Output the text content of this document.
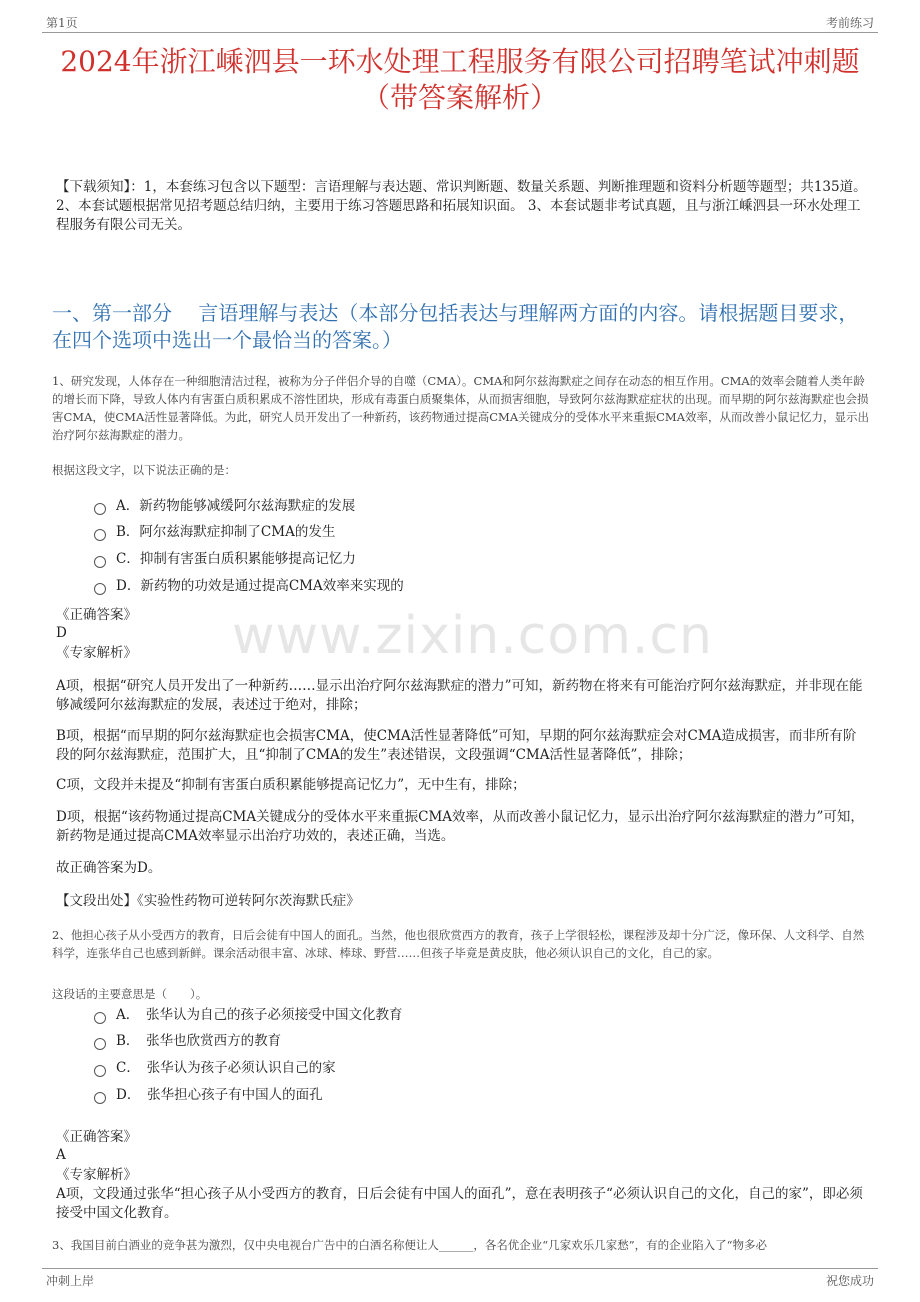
第1页	考前练习
2024年浙江嵊泗县一环水处理工程服务有限公司招聘笔试冲刺题（带答案解析）
【下载须知】：1，本套练习包含以下题型：言语理解与表达题、常识判断题、数量关系题、判断推理题和资料分析题等题型；共135道。 2、本套试题根据常见招考题总结归纳，主要用于练习答题思路和拓展知识面。 3、本套试题非考试真题，且与浙江嵊泗县一环水处理工程服务有限公司无关。
一、第一部分　 言语理解与表达（本部分包括表达与理解两方面的内容。请根据题目要求，在四个选项中选出一个最恰当的答案。）
1、研究发现，人体存在一种细胞清洁过程，被称为分子伴侣介导的自噬（CMA）。CMA和阿尔兹海默症之间存在动态的相互作用。CMA的效率会随着人类年龄的增长而下降，导致人体内有害蛋白质积累成不溶性团块，形成有毒蛋白质聚集体，从而损害细胞，导致阿尔兹海默症症状的出现。而早期的阿尔兹海默症也会损害CMA，使CMA活性显著降低。为此，研究人员开发出了一种新药，该药物通过提高CMA关键成分的受体水平来重振CMA效率，从而改善小鼠记忆力，显示出治疗阿尔兹海默症的潜力。
根据这段文字，以下说法正确的是：
A．新药物能够减缓阿尔兹海默症的发展
B．阿尔兹海默症抑制了CMA的发生
C．抑制有害蛋白质积累能够提高记忆力
D．新药物的功效是通过提高CMA效率来实现的
《正确答案》
D
《专家解析》 www.zixin.com.cn
A项，根据“研究人员开发出了一种新药……显示出治疗阿尔兹海默症的潜力”可知，新药物在将来有可能治疗阿尔兹海默症，并非现在能够减缓阿尔兹海默症的发展，表述过于绝对，排除；
B项，根据“而早期的阿尔兹海默症也会损害CMA，使CMA活性显著降低”可知，早期的阿尔兹海默症会对CMA造成损害，而非所有阶段的阿尔兹海默症，范围扩大，且“抑制了CMA的发生”表述错误，文段强调“CMA活性显著降低”，排除；
C项，文段并未提及“抑制有害蛋白质积累能够提高记忆力”，无中生有，排除；
D项，根据“该药物通过提高CMA关键成分的受体水平来重振CMA效率，从而改善小鼠记忆力，显示出治疗阿尔兹海默症的潜力”可知，新药物是通过提高CMA效率显示出治疗功效的，表述正确，当选。
故正确答案为D。
【文段出处】《实验性药物可逆转阿尔茨海默氏症》
2、他担心孩子从小受西方的教育，日后会徒有中国人的面孔。当然，他也很欣赏西方的教育，孩子上学很轻松，课程涉及却十分广泛，像环保、人文科学、自然科学，连张华自己也感到新鲜。课余活动很丰富、冰球、棒球、野营……但孩子毕竟是黄皮肤，他必须认识自己的文化，自己的家。
这段话的主要意思是（　　）。
A．　张华认为自己的孩子必须接受中国文化教育
B．　张华也欣赏西方的教育
C．　张华认为孩子必须认识自己的家
D．　张华担心孩子有中国人的面孔
《正确答案》
A
《专家解析》
A项，文段通过张华“担心孩子从小受西方的教育，日后会徒有中国人的面孔”，意在表明孩子“必须认识自己的文化，自己的家”，即必须接受中国文化教育。
3、我国目前白酒业的竞争甚为激烈，仅中央电视台广告中的白酒名称便让人______，各名优企业“几家欢乐几家愁”，有的企业陷入了“物多必
冲刺上岸	祝您成功
